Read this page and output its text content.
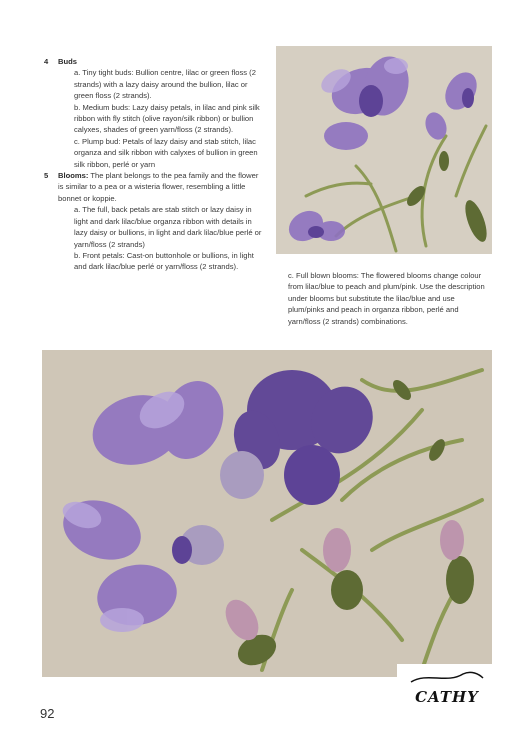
4 Buds

a. Tiny tight buds: Bullion centre, lilac or green floss (2 strands) with a lazy daisy around the bullion, lilac or green floss (2 strands).

b. Medium buds: Lazy daisy petals, in lilac and pink silk ribbon with fly stitch (olive rayon/silk ribbon) or bullion calyxes, shades of green yarn/floss (2 strands).

c. Plump bud: Petals of lazy daisy and stab stitch, lilac organza and silk ribbon with calyxes of bullion in green silk ribbon, perlé or yarn

5 Blooms: The plant belongs to the pea family and the flower is similar to a pea or a wisteria flower, resembling a little bonnet or koppie.

a. The full, back petals are stab stitch or lazy daisy in light and dark lilac/blue organza ribbon with details in lazy daisy or bullions, in light and dark lilac/blue perlé or yarn/floss (2 strands)

b. Front petals: Cast-on buttonhole or bullions, in light and dark lilac/blue perlé or yarn/floss (2 strands).

c. Full blown blooms: The flowered blooms change colour from lilac/blue to peach and plum/pink. Use the description under blooms but substitute the lilac/blue and use plum/pinks and peach in organza ribbon, perlé and yarn/floss (2 strands) combinations.

92
CATHY
